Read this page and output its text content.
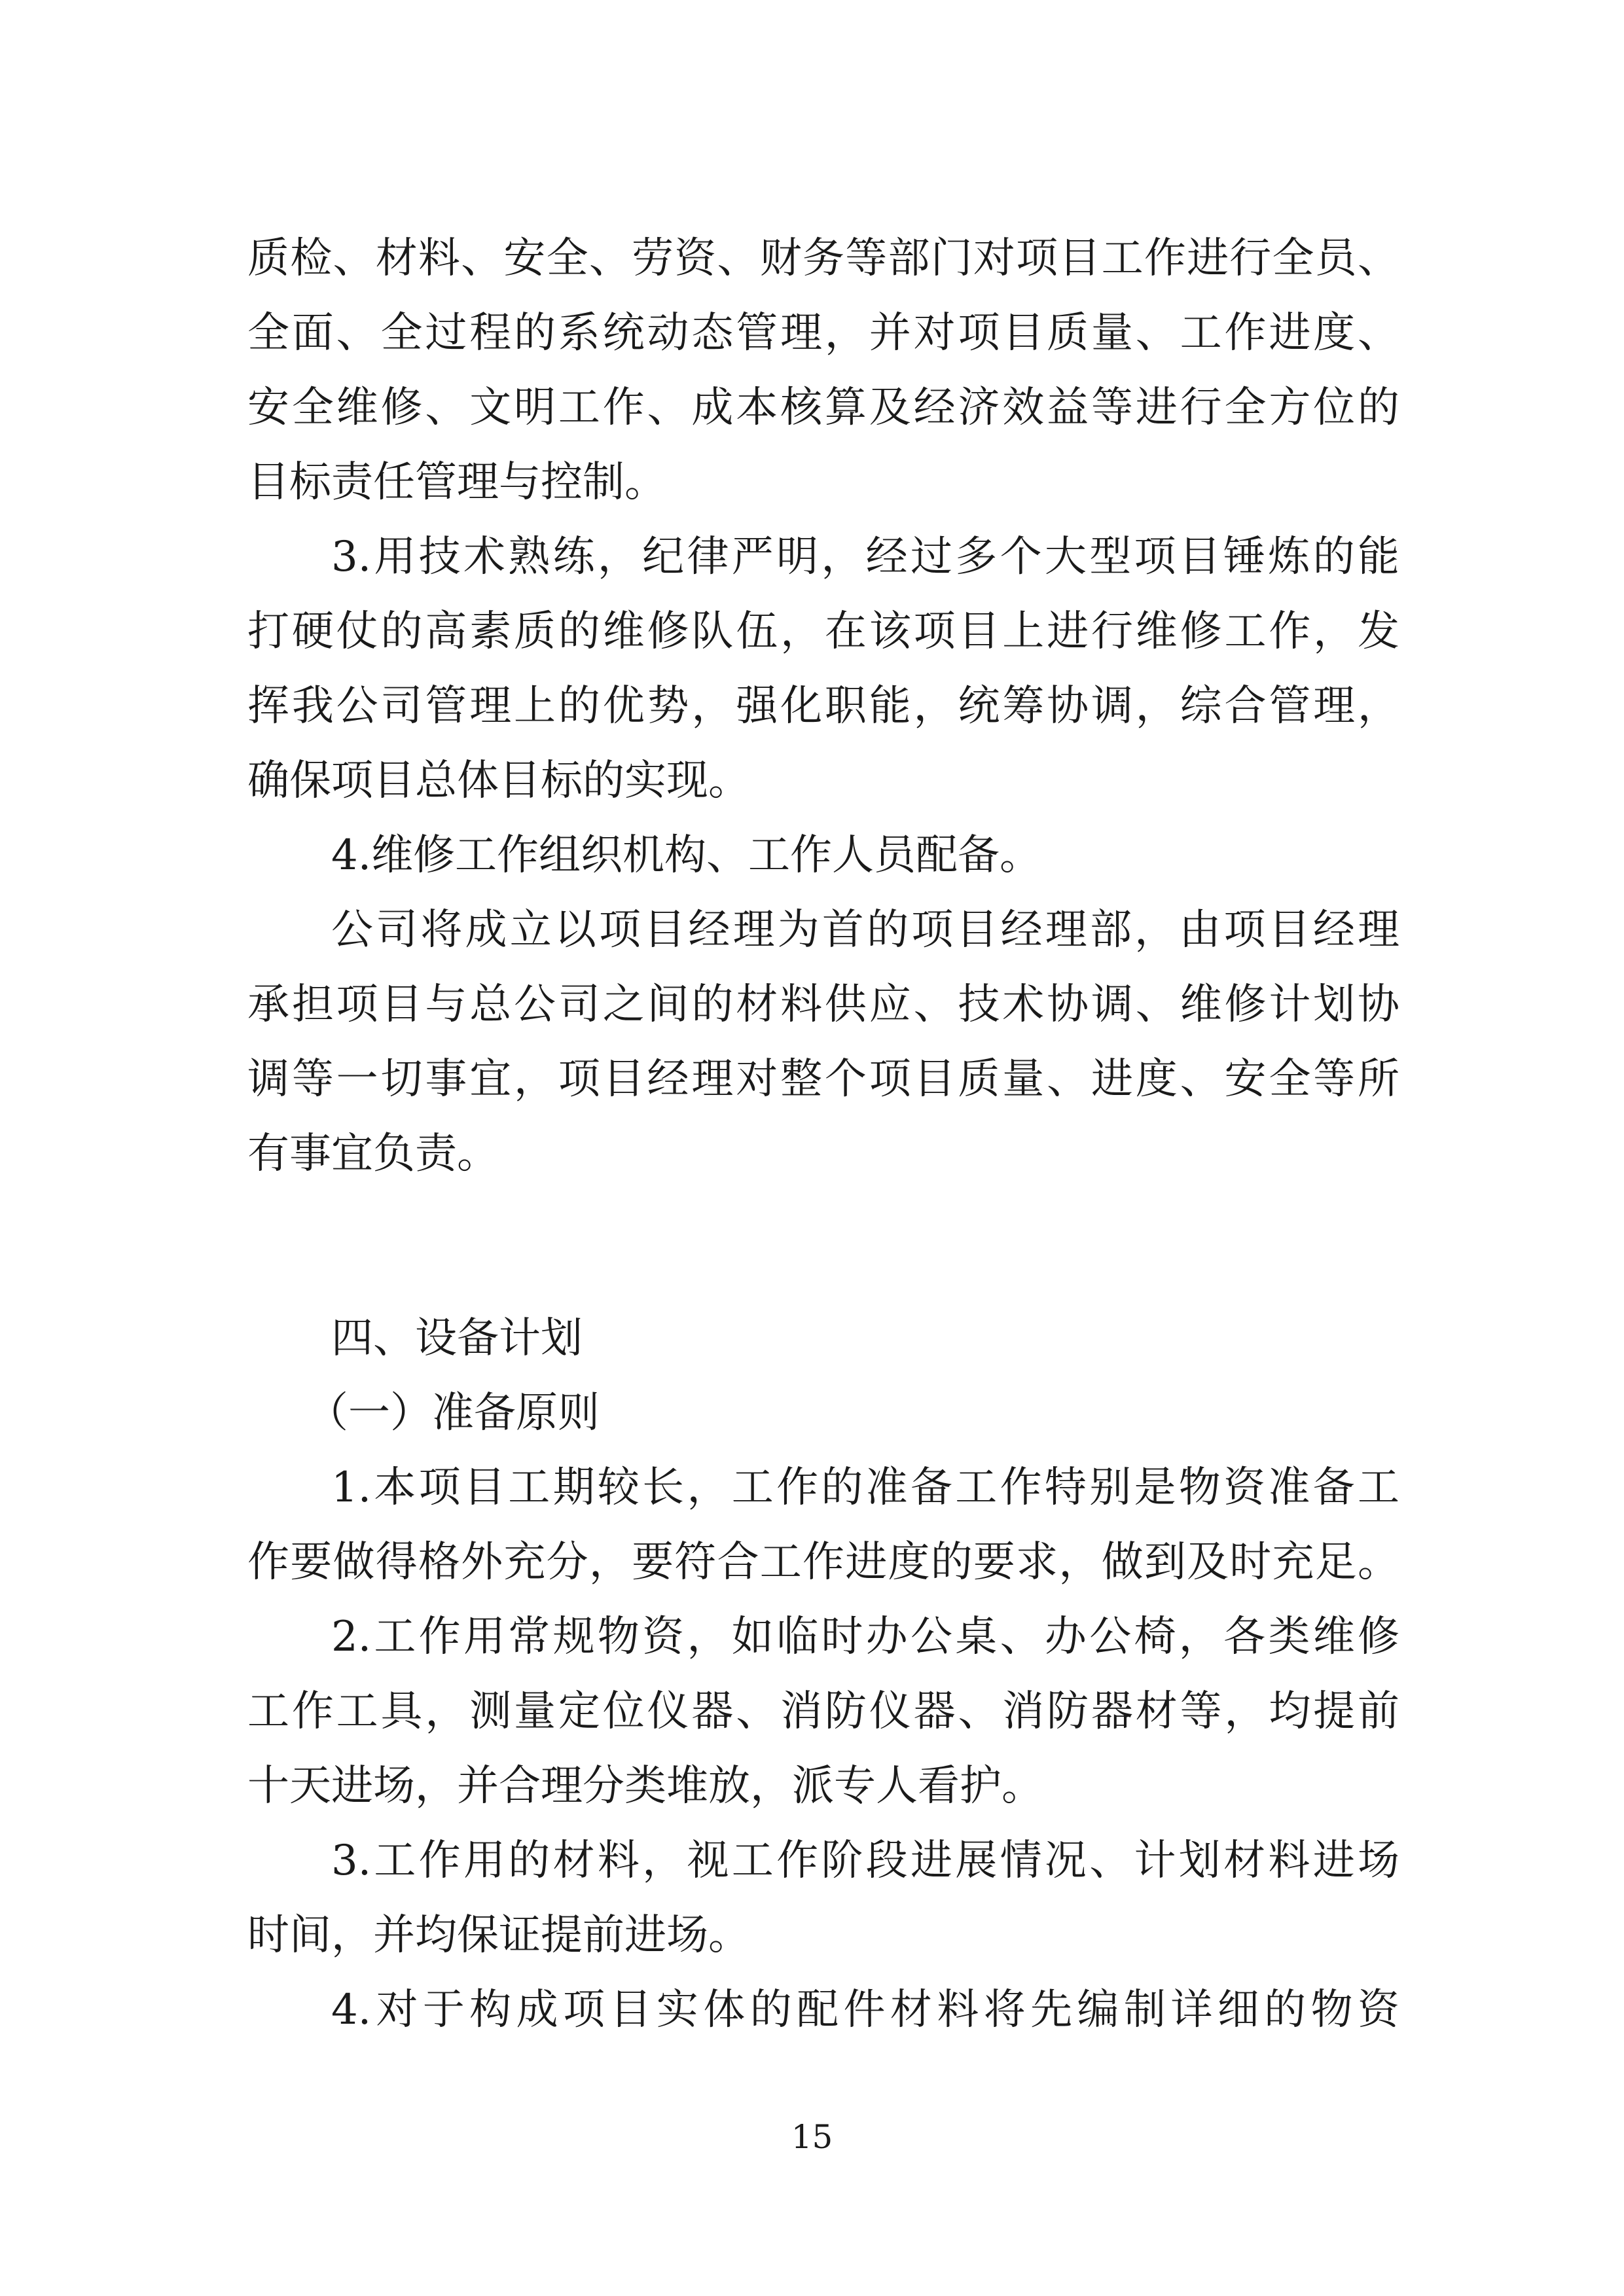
质检、材料、安全、劳资、财务等部门对项目工作进行全员、

全面、全过程的系统动态管理，并对项目质量、工作进度、

安全维修、文明工作、成本核算及经济效益等进行全方位的

目标责任管理与控制。

3.用技术熟练，纪律严明，经过多个大型项目锤炼的能

打硬仗的高素质的维修队伍，在该项目上进行维修工作，发

挥我公司管理上的优势，强化职能，统筹协调，综合管理，

确保项目总体目标的实现。

4.维修工作组织机构、工作人员配备。

公司将成立以项目经理为首的项目经理部，由项目经理

承担项目与总公司之间的材料供应、技术协调、维修计划协

调等一切事宜，项目经理对整个项目质量、进度、安全等所

有事宜负责。

四、设备计划

（一）准备原则

1.本项目工期较长，工作的准备工作特别是物资准备工

作要做得格外充分，要符合工作进度的要求，做到及时充足。

2.工作用常规物资，如临时办公桌、办公椅，各类维修

工作工具，测量定位仪器、消防仪器、消防器材等，均提前

十天进场，并合理分类堆放，派专人看护。

3.工作用的材料，视工作阶段进展情况、计划材料进场

时间，并均保证提前进场。

4.对于构成项目实体的配件材料将先编制详细的物资

15
